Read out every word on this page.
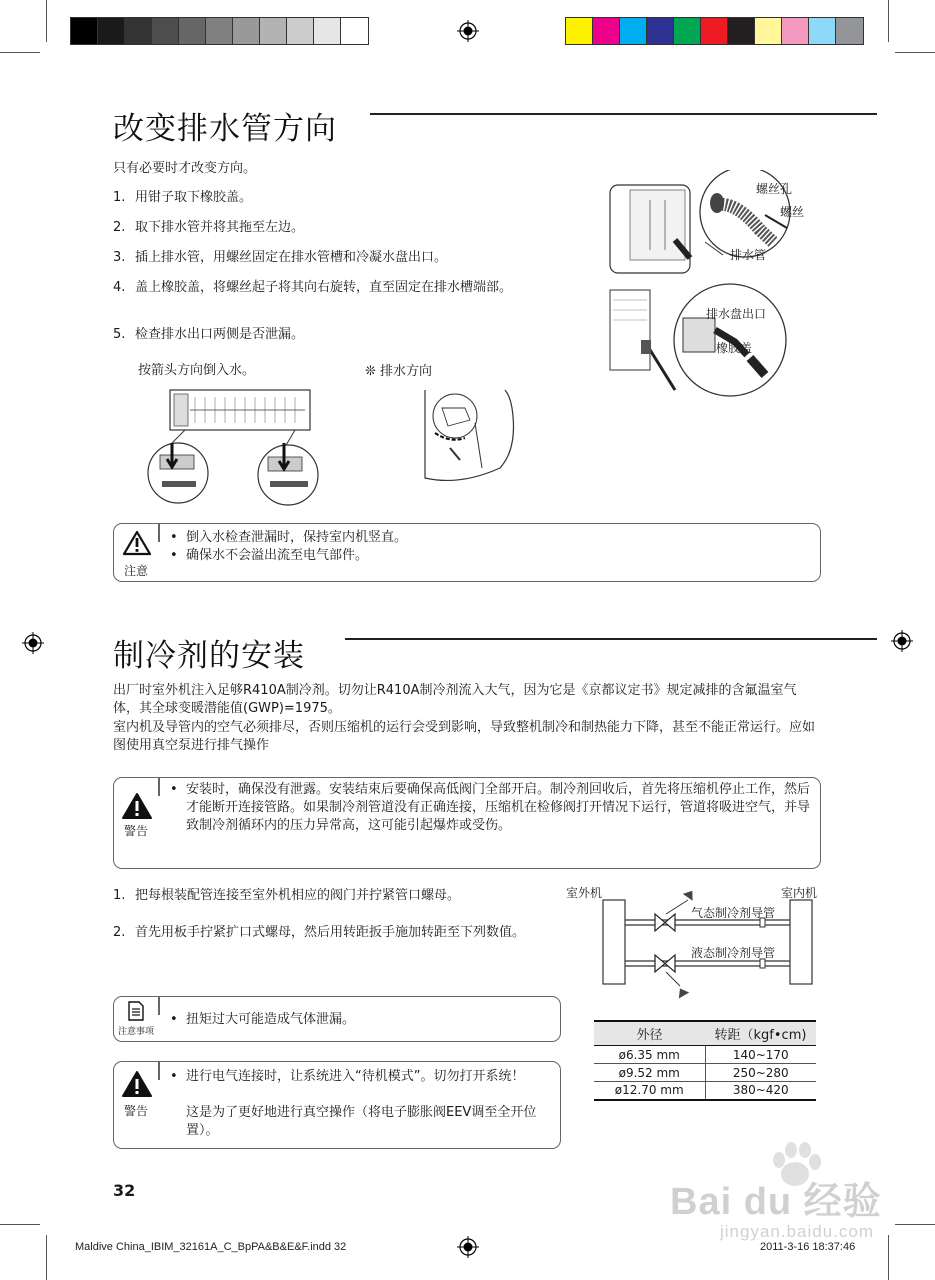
改变排水管方向
只有必要时才改变方向。
1. 用钳子取下橡胶盖。
2. 取下排水管并将其拖至左边。
3. 插上排水管，用螺丝固定在排水管槽和冷凝水盘出口。
4. 盖上橡胶盖，将螺丝起子将其向右旋转，直至固定在排水槽端部。
5. 检查排水出口两侧是否泄漏。
按箭头方向倒入水。	❊ 排水方向
螺丝孔
螺丝
排水管
排水盘出口
橡胶盖
注意
• 倒入水检查泄漏时，保持室内机竖直。
• 确保水不会溢出流至电气部件。
制冷剂的安装
出厂时室外机注入足够R410A制冷剂。切勿让R410A制冷剂流入大气，因为它是《京都议定书》规定减排的含氟温室气体，其全球变暖潜能值(GWP)=1975。
室内机及导管内的空气必须排尽，否则压缩机的运行会受到影响，导致整机制冷和制热能力下降，甚至不能正常运行。应如图使用真空泵进行排气操作
警告
• 安装时，确保没有泄露。安装结束后要确保高低阀门全部开启。制冷剂回收后，首先将压缩机停止工作，然后才能断开连接管路。如果制冷剂管道没有正确连接，压缩机在检修阀打开情况下运行，管道将吸进空气，并导致制冷剂循环内的压力异常高，这可能引起爆炸或受伤。
1. 把每根装配管连接至室外机相应的阀门并拧紧管口螺母。
2. 首先用板手拧紧扩口式螺母，然后用转距扳手施加转距至下列数值。
注意事项
• 扭矩过大可能造成气体泄漏。
警告
• 进行电气连接时，让系统进入“待机模式”。切勿打开系统！
这是为了更好地进行真空操作（将电子膨胀阀EEV调至全开位置）。
室外机	室内机
气态制冷剂导管
液态制冷剂导管
外径	转距（kgf•cm)
ø6.35 mm	140~170
ø9.52 mm	250~280
ø12.70 mm	380~420
32	Bai du 经验
jingyan.baidu.com
Maldive China_IBIM_32161A_C_BpPA&B&E&F.indd 32	2011-3-16 18:37:46
